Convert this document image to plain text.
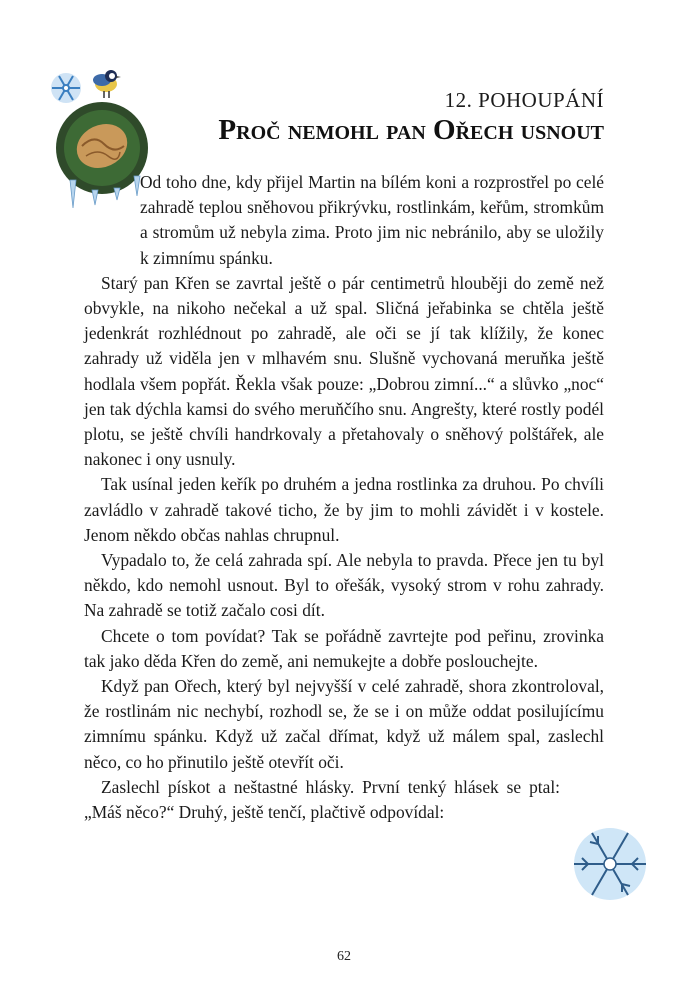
12. POHOUPÁNÍ
Proč nemohl pan Ořech usnout

Od toho dne, kdy přijel Martin na bílém koni a rozprostřel po celé zahradě teplou sněhovou přikrývku, rostlinkám, keřům, stromkům a stromům už nebyla zima. Proto jim nic nebránilo, aby se uložily k zimnímu spánku.

Starý pan Křen se zavrtal ještě o pár centimetrů hlouběji do země než obvykle, na nikoho nečekal a už spal. Sličná jeřabinka se chtěla ještě jedenkrát rozhlédnout po zahradě, ale oči se jí tak klížily, že konec zahrady už viděla jen v mlhavém snu. Slušně vychovaná meruňka ještě hodlala všem popřát. Řekla však pouze: „Dobrou zimní...“ a slůvko „noc“ jen tak dýchla kamsi do svého meruňčího snu. Angrešty, které rostly podél plotu, se ještě chvíli handrkovaly a přetahovaly o sněhový polštářek, ale nakonec i ony usnuly.

Tak usínal jeden keřík po druhém a jedna rostlinka za druhou. Po chvíli zavládlo v zahradě takové ticho, že by jim to mohli závidět i v kostele. Jenom někdo občas nahlas chrupnul.

Vypadalo to, že celá zahrada spí. Ale nebyla to pravda. Přece jen tu byl někdo, kdo nemohl usnout. Byl to ořešák, vysoký strom v rohu zahrady. Na zahradě se totiž začalo cosi dít.

Chcete o tom povídat? Tak se pořádně zavrtejte pod peřinu, zrovinka tak jako děda Křen do země, ani nemukejte a dobře poslouchejte.

Když pan Ořech, který byl nejvyšší v celé zahradě, shora zkontroloval, že rostlinám nic nechybí, rozhodl se, že se i on může oddat posilujícímu zimnímu spánku. Když už začal dřímat, když už málem spal, zaslechl něco, co ho přinutilo ještě otevřít oči.

Zaslechl pískot a neštastné hlásky. První tenký hlásek se ptal: „Máš něco?“ Druhý, ještě tenčí, plačtivě odpovídal:

62
